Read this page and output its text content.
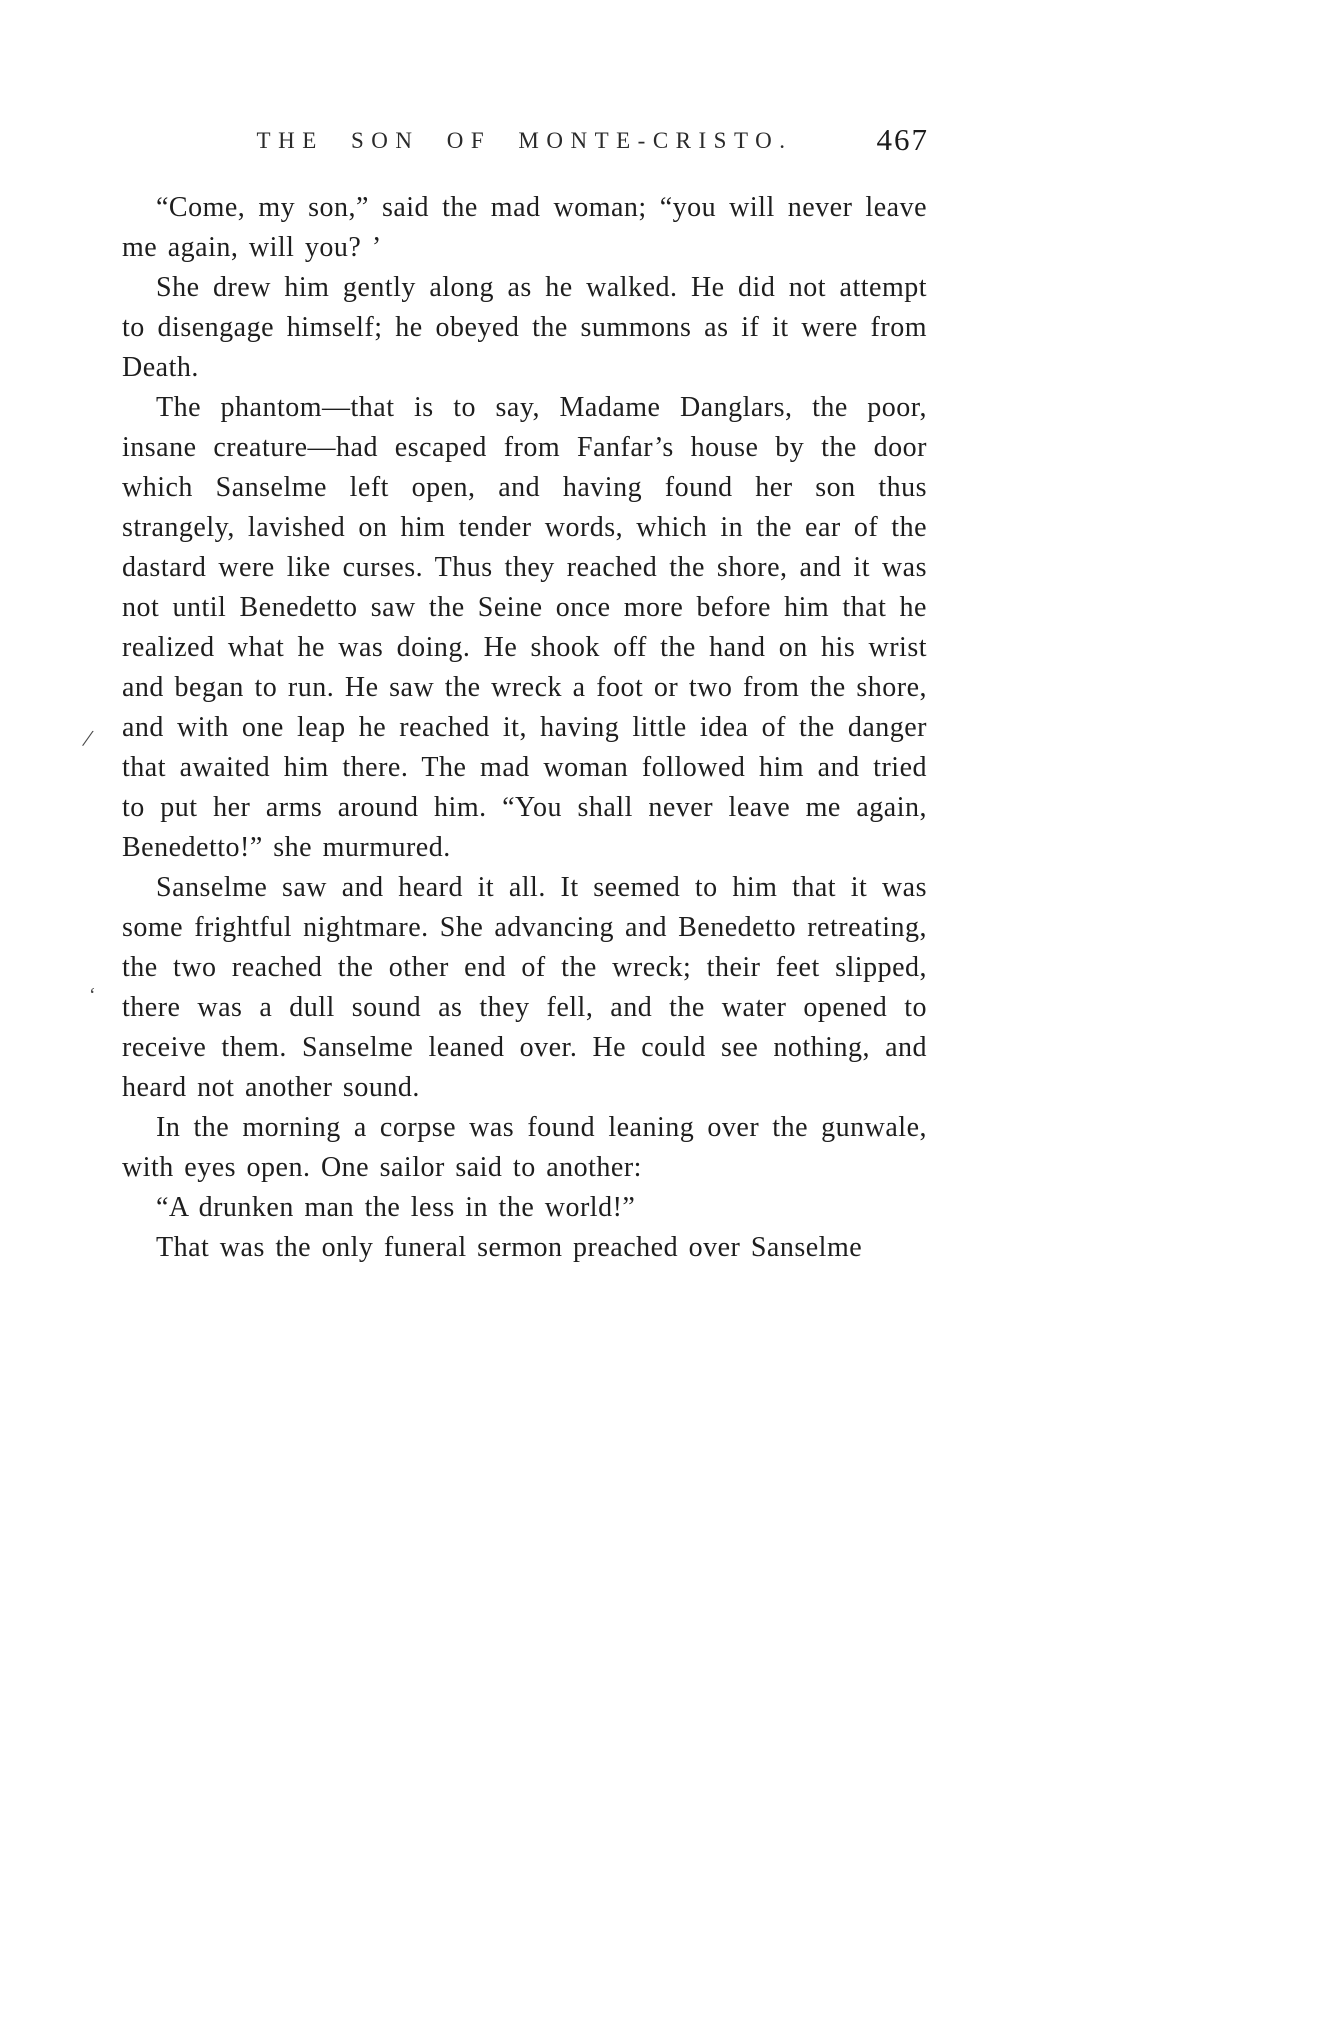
THE SON OF MONTE-CRISTO.	467

“Come, my son,” said the mad woman; “you will never leave me again, will you? ’

She drew him gently along as he walked. He did not attempt to disengage himself; he obeyed the summons as if it were from Death.

The phantom—that is to say, Madame Danglars, the poor, insane creature—had escaped from Fanfar’s house by the door which Sanselme left open, and having found her son thus strangely, lavished on him tender words, which in the ear of the dastard were like curses. Thus they reached the shore, and it was not until Benedetto saw the Seine once more before him that he realized what he was doing. He shook off the hand on his wrist and began to run. He saw the wreck a foot or two from the shore, and with one leap he reached it, having little idea of the danger that awaited him there. The mad woman followed him and tried to put her arms around him. “You shall never leave me again, Benedetto!” she murmured.

Sanselme saw and heard it all. It seemed to him that it was some frightful nightmare. She advancing and Benedetto retreating, the two reached the other end of the wreck; their feet slipped, there was a dull sound as they fell, and the water opened to receive them. Sanselme leaned over. He could see nothing, and heard not another sound.

In the morning a corpse was found leaning over the gunwale, with eyes open. One sailor said to another:

“A drunken man the less in the world!”

That was the only funeral sermon preached over Sanselme

/
‘
